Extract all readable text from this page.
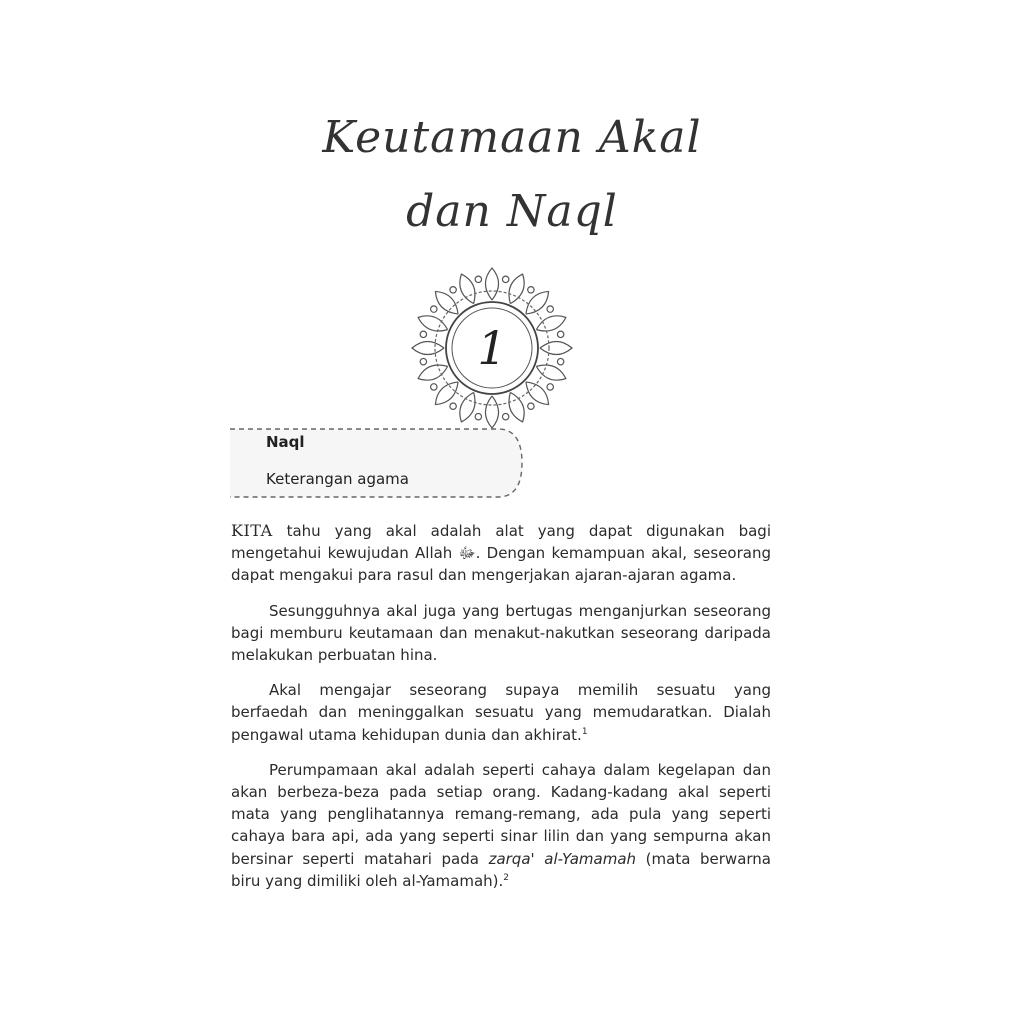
Keutamaan Akal
dan Naql
1
Naql
Keterangan agama

KITA tahu yang akal adalah alat yang dapat digunakan bagi mengetahui kewujudan Allah ﷻ. Dengan kemampuan akal, seseorang dapat mengakui para rasul dan mengerjakan ajaran-ajaran agama.

Sesungguhnya akal juga yang bertugas menganjurkan seseorang bagi memburu keutamaan dan menakut-nakutkan seseorang daripada melakukan perbuatan hina.

Akal mengajar seseorang supaya memilih sesuatu yang berfaedah dan meninggalkan sesuatu yang memudaratkan. Dialah pengawal utama kehidupan dunia dan akhirat.$^1$

Perumpamaan akal adalah seperti cahaya dalam kegelapan dan akan berbeza-beza pada setiap orang. Kadang-kadang akal seperti mata yang penglihatannya remang-remang, ada pula yang seperti cahaya bara api, ada yang seperti sinar lilin dan yang sempurna akan bersinar seperti matahari pada zarqa' al-Yamamah (mata berwarna biru yang dimiliki oleh al-Yamamah).$^2$
